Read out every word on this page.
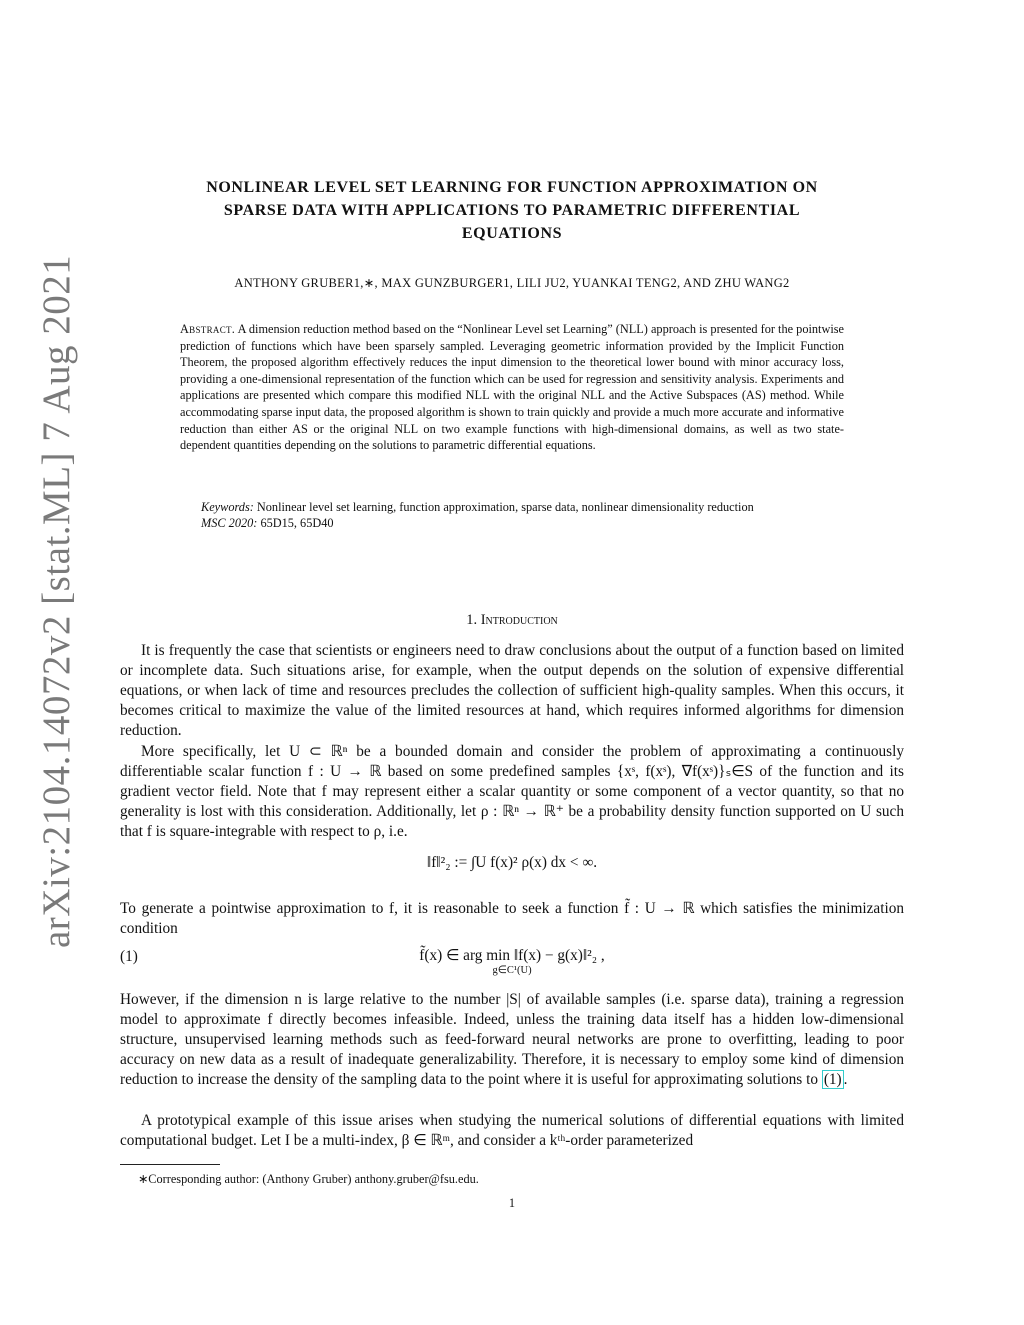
arXiv:2104.14072v2 [stat.ML] 7 Aug 2021
NONLINEAR LEVEL SET LEARNING FOR FUNCTION APPROXIMATION ON
SPARSE DATA WITH APPLICATIONS TO PARAMETRIC DIFFERENTIAL
EQUATIONS
ANTHONY GRUBER1,∗, MAX GUNZBURGER1, LILI JU2, YUANKAI TENG2, AND ZHU WANG2
Abstract. A dimension reduction method based on the “Nonlinear Level set Learning” (NLL) approach is presented for the pointwise prediction of functions which have been sparsely sampled. Leveraging geometric information provided by the Implicit Function Theorem, the proposed algorithm effectively reduces the input dimension to the theoretical lower bound with minor accuracy loss, providing a one-dimensional representation of the function which can be used for regression and sensitivity analysis. Experiments and applications are presented which compare this modified NLL with the original NLL and the Active Subspaces (AS) method. While accommodating sparse input data, the proposed algorithm is shown to train quickly and provide a much more accurate and informative reduction than either AS or the original NLL on two example functions with high-dimensional domains, as well as two state-dependent quantities depending on the solutions to parametric differential equations.
Keywords: Nonlinear level set learning, function approximation, sparse data, nonlinear dimensionality reduction
MSC 2020: 65D15, 65D40
1. Introduction
It is frequently the case that scientists or engineers need to draw conclusions about the output of a function based on limited or incomplete data. Such situations arise, for example, when the output depends on the solution of expensive differential equations, or when lack of time and resources precludes the collection of sufficient high-quality samples. When this occurs, it becomes critical to maximize the value of the limited resources at hand, which requires informed algorithms for dimension reduction.
More specifically, let U ⊂ ℝⁿ be a bounded domain and consider the problem of approximating a continuously differentiable scalar function f : U → ℝ based on some predefined samples {xˢ, f(xˢ), ∇f(xˢ)}ₛ∈S of the function and its gradient vector field. Note that f may represent either a scalar quantity or some component of a vector quantity, so that no generality is lost with this consideration. Additionally, let ρ : ℝⁿ → ℝ⁺ be a probability density function supported on U such that f is square-integrable with respect to ρ, i.e.
‖f‖²₂ := ∫U f(x)² ρ(x) dx < ∞.
To generate a pointwise approximation to f, it is reasonable to seek a function f̃ : U → ℝ which satisfies the minimization condition
(1)	f̃(x) ∈ arg min ‖f(x) − g(x)‖²₂ ,
g∈C¹(U)
However, if the dimension n is large relative to the number |S| of available samples (i.e. sparse data), training a regression model to approximate f directly becomes infeasible. Indeed, unless the training data itself has a hidden low-dimensional structure, unsupervised learning methods such as feed-forward neural networks are prone to overfitting, leading to poor accuracy on new data as a result of inadequate generalizability. Therefore, it is necessary to employ some kind of dimension reduction to increase the density of the sampling data to the point where it is useful for approximating solutions to (1) .
A prototypical example of this issue arises when studying the numerical solutions of differential equations with limited computational budget. Let I be a multi-index, β ∈ ℝᵐ, and consider a kᵗʰ-order parameterized
∗Corresponding author: (Anthony Gruber) anthony.gruber@fsu.edu.
1
